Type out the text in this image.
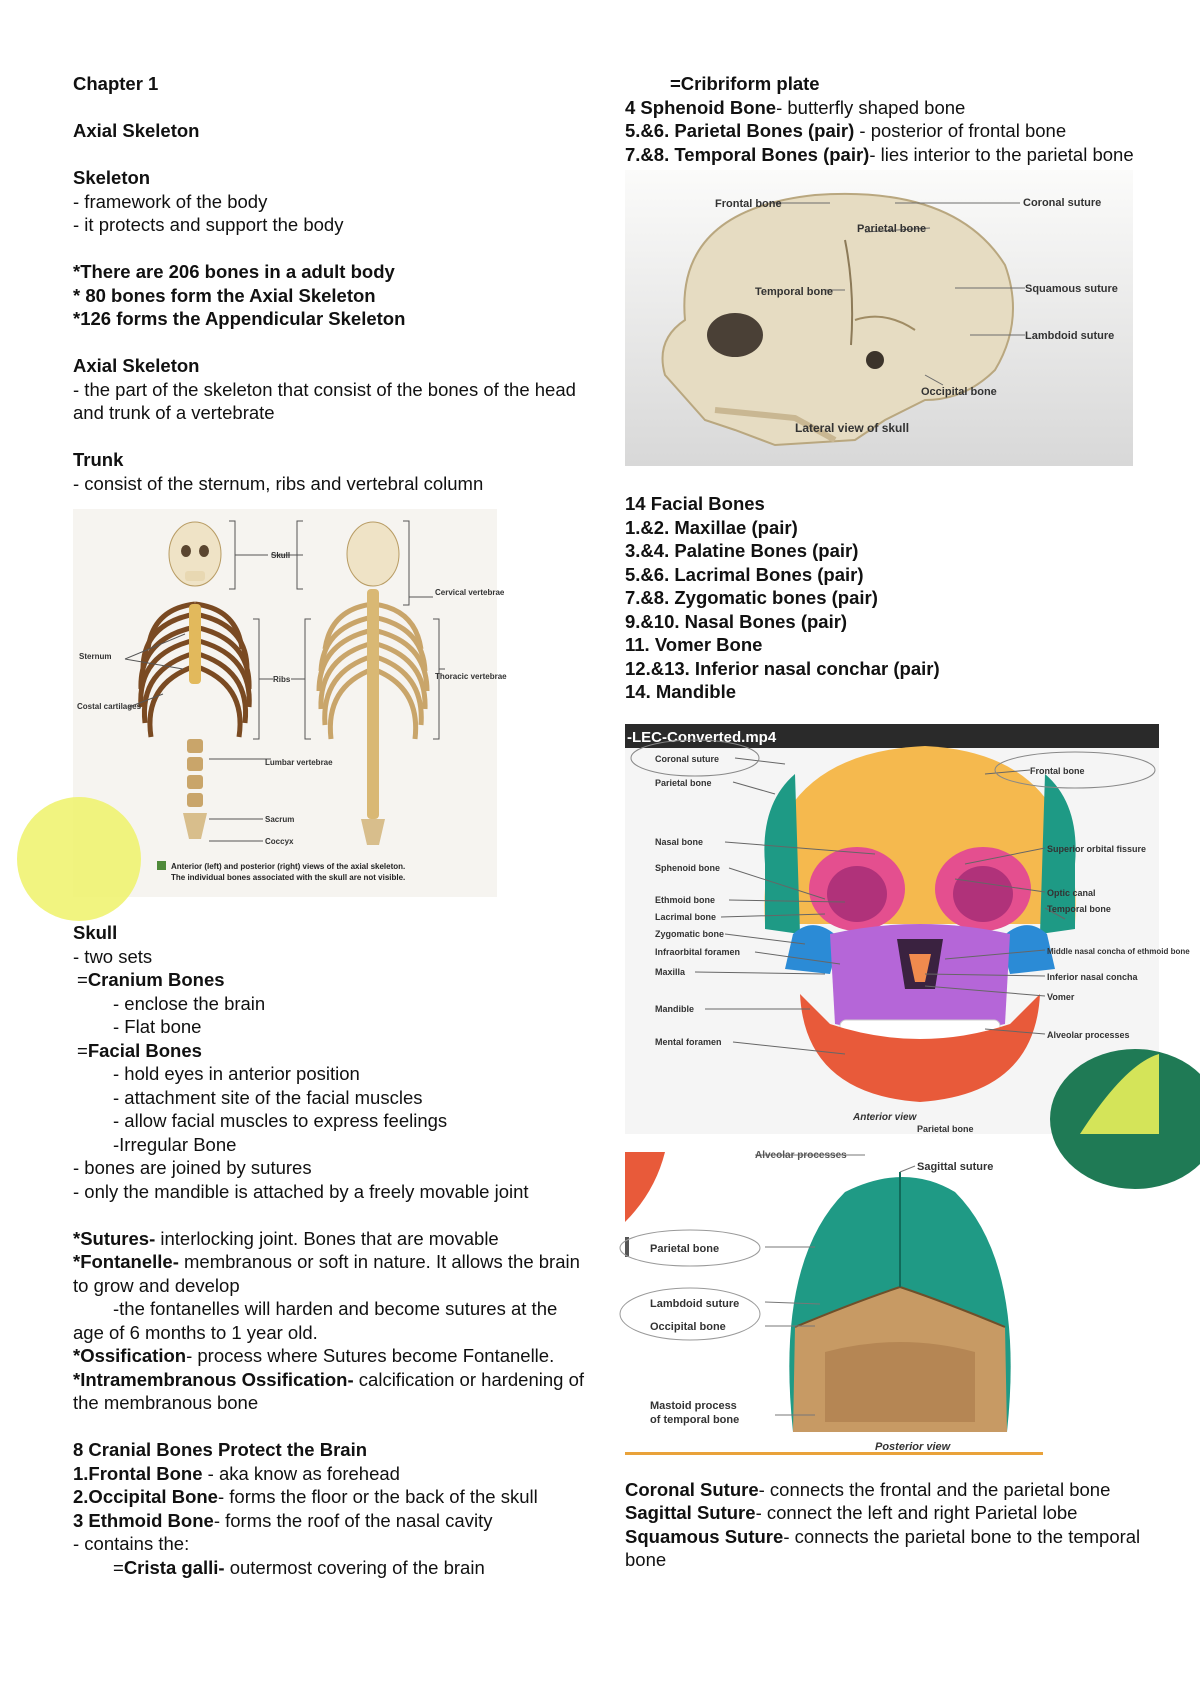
Chapter 1
Axial Skeleton
Skeleton
- framework of the body
- it protects and support the body
*There are 206 bones in a adult body
* 80 bones form the Axial Skeleton
*126 forms the Appendicular Skeleton
Axial Skeleton
- the part of the skeleton that consist of the bones of the head and trunk of a vertebrate
Trunk
- consist of the sternum, ribs and vertebral column
Skull
Cervical vertebrae
Sternum
Ribs	Thoracic vertebrae
Costal cartilages
Lumbar vertebrae
Sacrum
Coccyx
Anterior (left) and posterior (right) views of the axial skeleton.
The individual bones associated with the skull are not visible.
Skull
- two sets
=Cranium Bones
- enclose the brain
- Flat bone
=Facial Bones
- hold eyes in anterior position
- attachment site of the facial muscles
- allow facial muscles to express feelings
-Irregular Bone
- bones are joined by sutures
- only the mandible is attached by a freely movable joint
*Sutures- interlocking joint. Bones that are movable
*Fontanelle- membranous or soft in nature. It allows the brain to grow and develop
-the fontanelles will harden and become sutures at the age of 6 months to 1 year old.
*Ossification- process where Sutures become Fontanelle.
*Intramembranous Ossification- calcification or hardening of the membranous bone
8 Cranial Bones Protect the Brain
1.Frontal Bone - aka know as forehead
2.Occipital Bone- forms the floor or the back of the skull
3 Ethmoid Bone- forms the roof of the nasal cavity
- contains the:
=Crista galli- outermost covering of the brain
=Cribriform plate
4 Sphenoid Bone- butterfly shaped bone
5.&6. Parietal Bones (pair) - posterior of frontal bone
7.&8. Temporal Bones (pair)- lies interior to the parietal bone
Frontal bone
Parietal bone
Coronal suture
Temporal bone	Squamous suture
Lambdoid suture
Occipital bone
Lateral view of skull
14 Facial Bones
1.&2. Maxillae (pair)
3.&4. Palatine Bones (pair)
5.&6. Lacrimal Bones (pair)
7.&8. Zygomatic bones (pair)
9.&10. Nasal Bones (pair)
11. Vomer Bone
12.&13. Inferior nasal conchar (pair)
14. Mandible
-LEC-Converted.mp4
Coronal suture
Parietal bone
Nasal bone
Sphenoid bone
Ethmoid bone
Lacrimal bone
Zygomatic bone
Infraorbital foramen
Maxilla
Mandible
Mental foramen
Frontal bone
Superior orbital fissure
Optic canal
Temporal bone
Middle nasal concha of ethmoid bone
Inferior nasal concha
Vomer
Alveolar processes
Anterior view
Parietal bone
Alveolar processes
Sagittal suture
Parietal bone
Lambdoid suture
Occipital bone
Mastoid process
of temporal bone
Posterior view
Coronal Suture- connects the frontal and the parietal bone
Sagittal Suture- connect the left and right Parietal lobe
Squamous Suture- connects the parietal bone to the temporal bone
